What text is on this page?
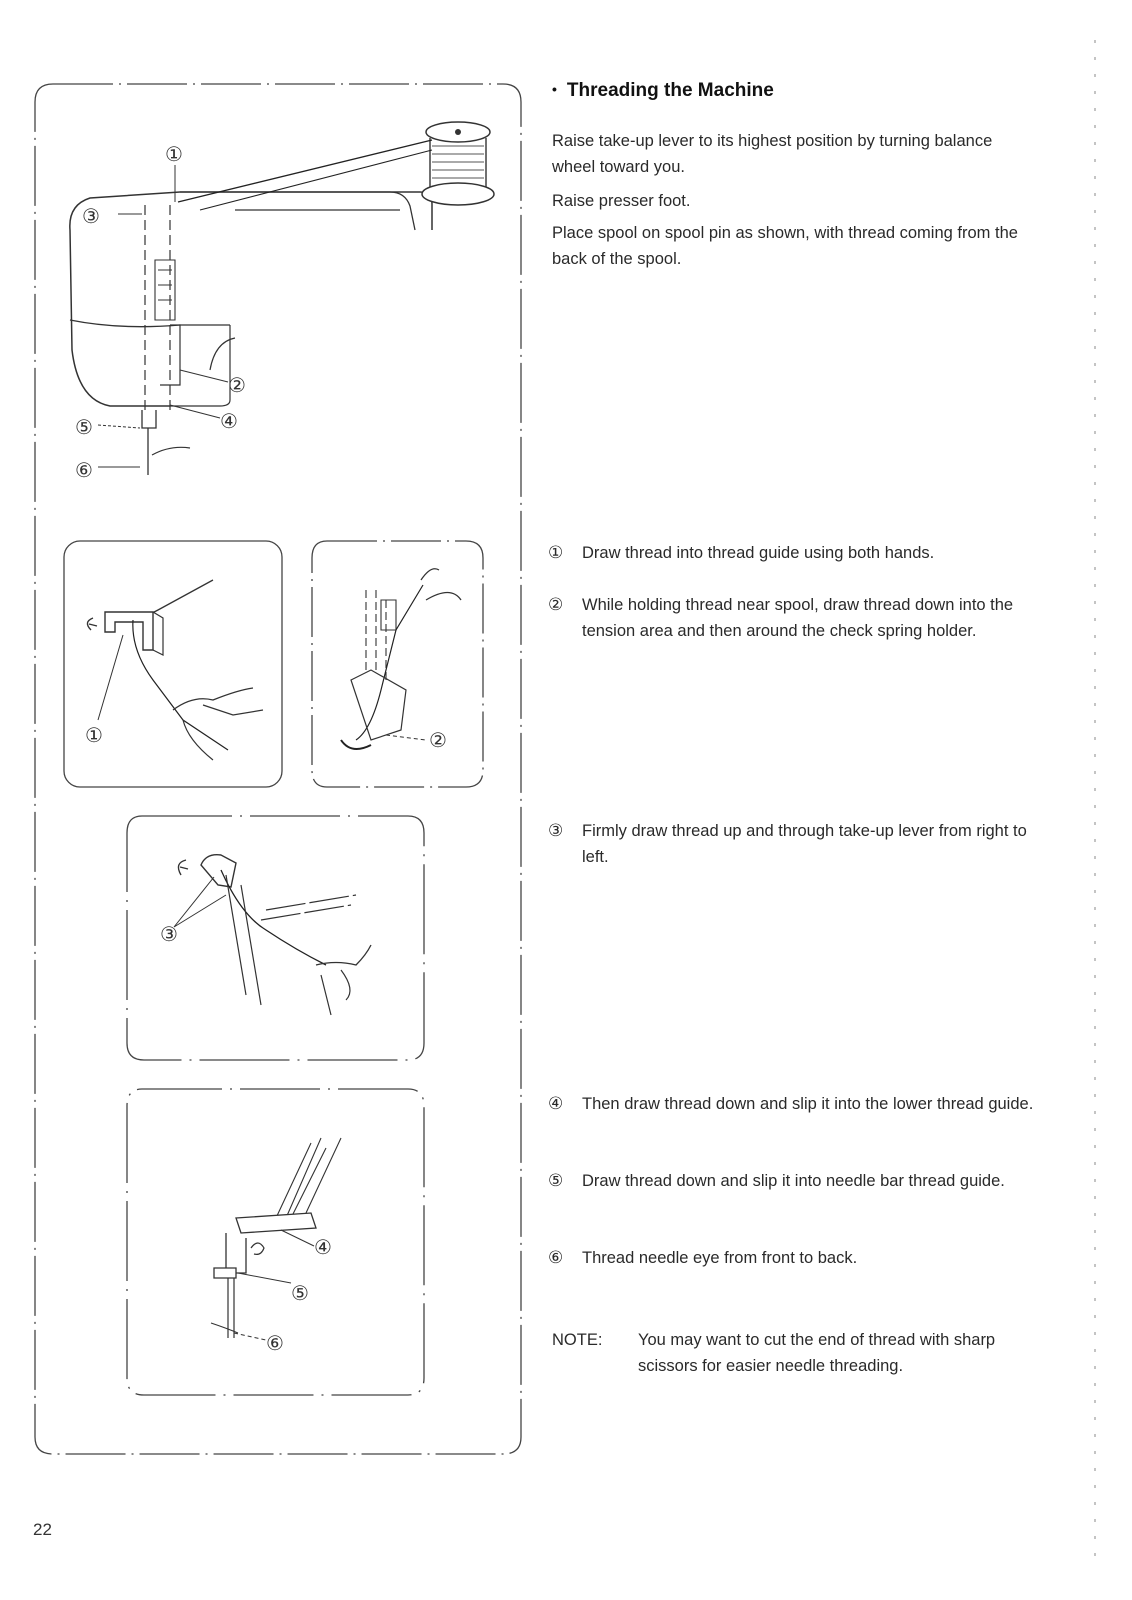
①
②
③
④
⑤
⑥
①	②
③
④
⑤
⑥
• Threading the Machine
Raise take-up lever to its highest position by turning balance wheel toward you.
Raise presser foot.
Place spool on spool pin as shown, with thread coming from the back of the spool.
①	Draw thread into thread guide using both hands.
②	While holding thread near spool, draw thread down into the tension area and then around the check spring holder.
③	Firmly draw thread up and through take-up lever from right to left.
④	Then draw thread down and slip it into the lower thread guide.
⑤	Draw thread down and slip it into needle bar thread guide.
⑥	Thread needle eye from front to back.
NOTE: You may want to cut the end of thread with sharp scissors for easier needle threading.
22
